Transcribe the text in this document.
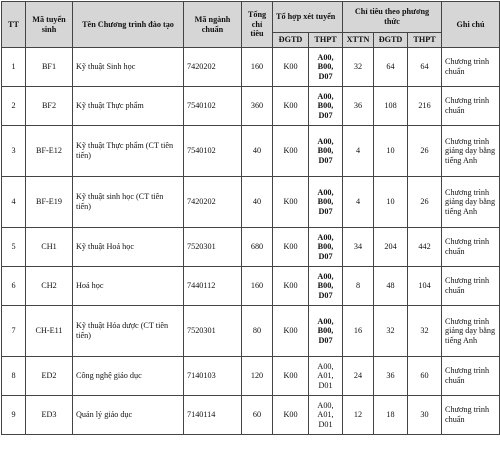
TT	Mã tuyển sinh	Tên Chương trình đào tạo	Mã ngành chuẩn	Tổng chỉ tiêu	Tổ hợp xét tuyển		Chỉ tiêu theo phương thức			Ghi chú
					ĐGTD	THPT	XTTN	ĐGTD	THPT	
1	BF1	Kỹ thuật Sinh học	7420202	160	K00	A00, B00, D07	32	64	64	Chương trình chuẩn
2	BF2	Kỹ thuật Thực phẩm	7540102	360	K00	A00, B00, D07	36	108	216	Chương trình chuẩn
3	BF-E12	Kỹ thuật Thực phẩm (CT tiên tiến)	7540102	40	K00	A00, B00, D07	4	10	26	Chương trình giảng dạy bằng tiếng Anh
4	BF-E19	Kỹ thuật sinh học (CT tiên tiến)	7420202	40	K00	A00, B00, D07	4	10	26	Chương trình giảng dạy bằng tiếng Anh
5	CH1	Kỹ thuật Hoá học	7520301	680	K00	A00, B00, D07	34	204	442	Chương trình chuẩn
6	CH2	Hoá học	7440112	160	K00	A00, B00, D07	8	48	104	Chương trình chuẩn
7	CH-E11	Kỹ thuật Hóa dược (CT tiên tiến)	7520301	80	K00	A00, B00, D07	16	32	32	Chương trình giảng dạy bằng tiếng Anh
8	ED2	Công nghệ giáo dục	7140103	120	K00	A00, A01, D01	24	36	60	Chương trình chuẩn
9	ED3	Quản lý giáo dục	7140114	60	K00	A00, A01, D01	12	18	30	Chương trình chuẩn
